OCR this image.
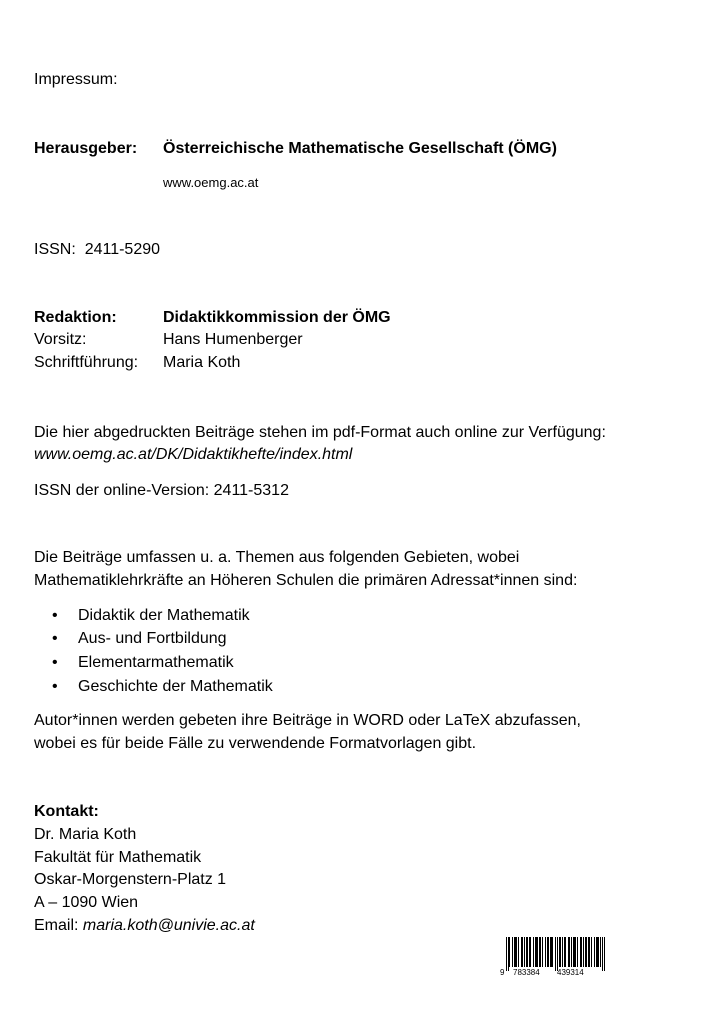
Impressum:
Herausgeber: Österreichische Mathematische Gesellschaft (ÖMG)
www.oemg.ac.at
ISSN: 2411-5290
Redaktion:	Didaktikkommission der ÖMG
Vorsitz:	Hans Humenberger
Schriftführung: Maria Koth
Die hier abgedruckten Beiträge stehen im pdf-Format auch online zur Verfügung:
www.oemg.ac.at/DK/Didaktikhefte/index.html
ISSN der online-Version: 2411-5312
Die Beiträge umfassen u. a. Themen aus folgenden Gebieten, wobei
Mathematiklehrkräfte an Höheren Schulen die primären Adressat*innen sind:
• Didaktik der Mathematik
• Aus- und Fortbildung
• Elementarmathematik
• Geschichte der Mathematik
Autor*innen werden gebeten ihre Beiträge in WORD oder LaTeX abzufassen,
wobei es für beide Fälle zu verwendende Formatvorlagen gibt.
Kontakt:
Dr. Maria Koth
Fakultät für Mathematik
Oskar-Morgenstern-Platz 1
A – 1090 Wien
Email: maria.koth@univie.ac.at
9 783384 439314
